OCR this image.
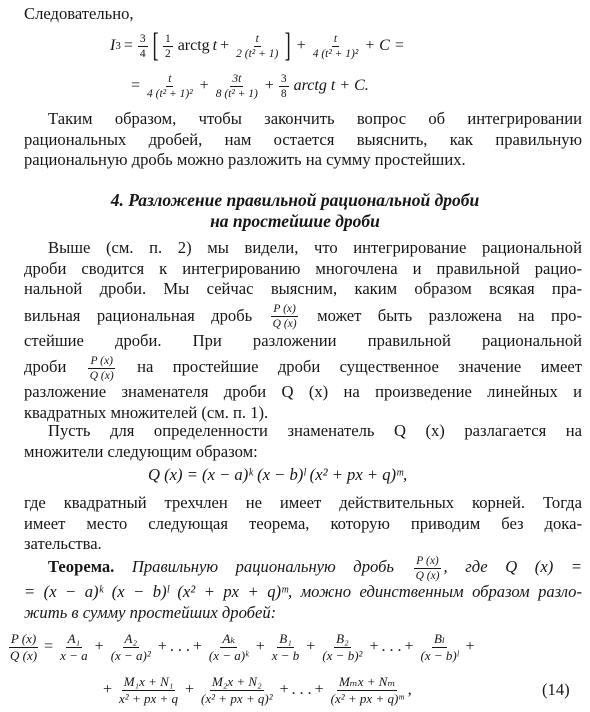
Следовательно,
I $3 = \frac{3}{4}$ [ $\frac{1}{2}$ arctg $t + \frac{t}{\text{2 (t² + 1)}}$ ] + $\frac{t}{\text{4 (t² + 1)²}} + C$ =
= $\frac{t}{\text{4 (t² + 1)²}} + \frac{3t}{\text{8 (t² + 1)}} + \frac{3}{8}$ arctg t + C.
Таким образом, чтобы закончить вопрос об интегрировании
рациональных дробей, нам остается выяснить, как правильную
рациональную дробь можно разложить на сумму простейших.
4. Разложение правильной рациональной дроби
на простейшие дроби
Выше (см. п. 2) мы видели, что интегрирование рациональной
дроби сводится к интегрированию многочлена и правильной рацио-
нальной дроби. Мы сейчас выясним, каким образом всякая пра-
вильная рациональная дробь $\frac{P (x)}{Q (x)}$ может быть разложена на про-
стейшие дроби. При разложении правильной рациональной
дроби $\frac{P (x)}{Q (x)}$ на простейшие дроби существенное значение имеет
разложение знаменателя дроби Q (x) на произведение линейных и
квадратных множителей (см. п. 1).
Пусть для определенности знаменатель Q (x) разлагается на
множители следующим образом:
Q (x) = (x − a)ᵏ (x − b)ˡ (x² + px + q)ᵐ,
где квадратный трехчлен не имеет действительных корней. Тогда
имеет место следующая теорема, которую приводим без дока-
зательства.
Теорема. Правильную рациональную дробь $\frac{P (x)}{Q (x)}$ , где Q (x) =
= (x − a)ᵏ (x − b)ˡ (x² + px + q)ᵐ, можно единственным образом разло-
жить в сумму простейших дробей:
$\frac{P (x)}{Q (x)} = \frac{\text{A₁}}{x - a} + \frac{\text{A₂}}{\text{(x − a)²}}$ + . . . + $\frac{\text{Aₖ}}{\text{(x − a)ᵏ}} + \frac{\text{B₁}}{x - b} + \frac{\text{B₂}}{\text{(x − b)²}}$ + . . . + $\frac{\text{Bₗ}}{\text{(x − b)ˡ}}$ +
+ $\frac{\text{M₁x + N₁}}{\text{x² + px + q}} + \frac{\text{M₂x + N₂}}{\text{(x² + px + q)²}}$ + . . . + $\frac{\text{Mₘx + Nₘ}}{\text{(x² + px + q)ᵐ}}$ ,	(14)
